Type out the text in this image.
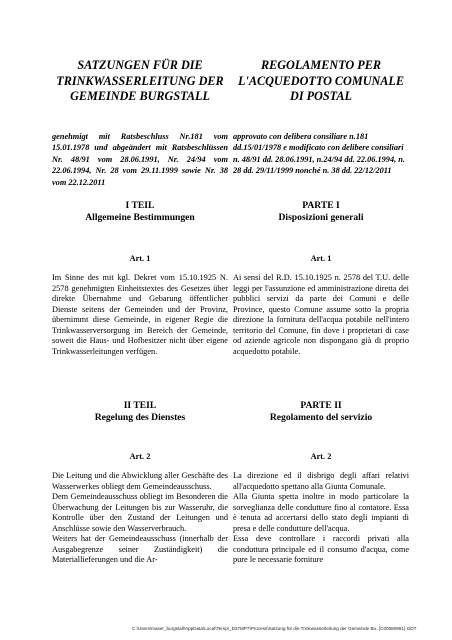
SATZUNGEN FÜR DIE TRINKWASSERLEITUNG DER GEMEINDE BURGSTALL
genehmigt mit Ratsbeschluss Nr.181 vom 15.01.1978 und abgeändert mit Ratsbeschlüssen Nr. 48/91 vom 28.06.1991, Nr. 24/94 vom 22.06.1994, Nr. 28 vom 29.11.1999 sowie Nr. 38 vom 22.12.2011
I TEIL
Allgemeine Bestimmungen
Art. 1
Im Sinne des mit kgl. Dekret vom 15.10.1925 N. 2578 genehmigten Einheitstextes des Gesetzes über direkte Übernahme und Gebarung öffentlicher Dienste seitens der Gemeinden und der Provinz, übernimmt diese Gemeinde, in eigener Regie die Trinkwasserversorgung im Bereich der Gemeinde, soweit die Haus- und Hofbesitzer nicht über eigene Trinkwasserleitungen verfügen.
II TEIL
Regelung des Dienstes
Art. 2

Die Leitung und die Abwicklung aller Geschäfte des Wasserwerkes obliegt dem Gemeindeausschuss.

Dem Gemeindeausschuss obliegt im Besonderen die Überwachung der Leitungen bis zur Wasseruhr, die Kontrolle über den Zustand der Leitungen und Anschlüsse sowie den Wasserverbrauch.

Weiters hat der Gemeindeausschuss (innerhalb der Ausgabegrenze seiner Zuständigkeit) die Materiallieferungen und die Ar-

REGOLAMENTO PER L'ACQUEDOTTO COMUNALE DI POSTAL
approvato con delibera consiliare n.181 dd.15/01/1978 e modificato con delibere consiliari n. 48/91 dd. 28.06.1991, n.24/94 dd. 22.06.1994, n. 28 dd. 29/11/1999 nonché n. 38 dd. 22/12/2011
PARTE I
Disposizioni generali
Art. 1
Ai sensi del R.D. 15.10.1925 n. 2578 del T.U. delle leggi per l'assunzione ed amministrazione diretta dei pubblici servizi da parte dei Comuni e delle Province, questo Comune assume sotto la propria direzione la fornitura dell'acqua potabile nell'intero territorio del Comune, fin dove i proprietari di case od aziende agricole non dispongano già di proprio acquedotto potabile.
PARTE II
Regolamento del servizio
Art. 2

La direzione ed il disbrigo degli affari relativi all'acquedotto spettano alla Giunta Comunale.

Alla Giunta spetta inoltre in modo particolare la sorveglianza delle condutture fino al contatore. Essa è tenuta ad accertarsi dello stato degli impianti di presa e delle condutture dell'acqua.

Essa deve controllare i raccordi privati alla conduttura principale ed il consumo d'acqua, come pure le necessarie forniture

C:\Users\maser_burgstall\AppData\Local\Temp\_D37MP7\Process\Satzung für die Trinkwasserleitung der Gemeinde Bu..(C00080961) GDT
